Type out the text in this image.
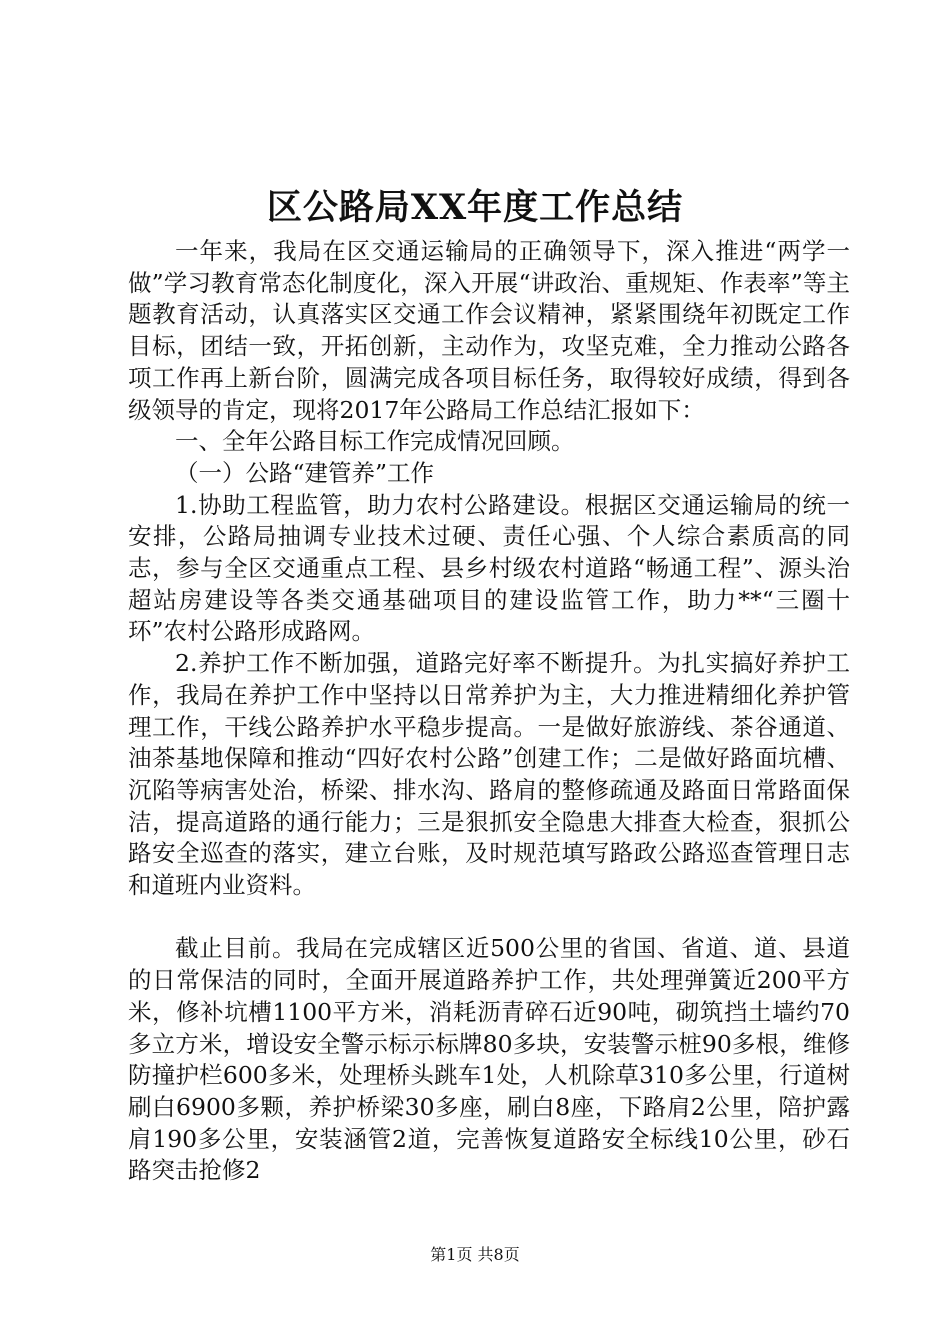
区公路局XX年度工作总结

一年来，我局在区交通运输局的正确领导下，深入推进“两学一做”学习教育常态化制度化，深入开展“讲政治、重规矩、作表率”等主题教育活动，认真落实区交通工作会议精神，紧紧围绕年初既定工作目标，团结一致，开拓创新，主动作为，攻坚克难，全力推动公路各项工作再上新台阶，圆满完成各项目标任务，取得较好成绩，得到各级领导的肯定，现将2017年公路局工作总结汇报如下：

一、全年公路目标工作完成情况回顾。

（一）公路“建管养”工作

1.协助工程监管，助力农村公路建设。根据区交通运输局的统一安排，公路局抽调专业技术过硬、责任心强、个人综合素质高的同志，参与全区交通重点工程、县乡村级农村道路“畅通工程”、源头治超站房建设等各类交通基础项目的建设监管工作，助力**“三圈十环”农村公路形成路网。

2.养护工作不断加强，道路完好率不断提升。为扎实搞好养护工作，我局在养护工作中坚持以日常养护为主，大力推进精细化养护管理工作，干线公路养护水平稳步提高。一是做好旅游线、茶谷通道、油茶基地保障和推动“四好农村公路”创建工作；二是做好路面坑槽、沉陷等病害处治，桥梁、排水沟、路肩的整修疏通及路面日常路面保洁，提高道路的通行能力；三是狠抓安全隐患大排查大检查，狠抓公路安全巡查的落实，建立台账，及时规范填写路政公路巡查管理日志和道班内业资料。

截止目前。我局在完成辖区近500公里的省国、省道、道、县道的日常保洁的同时，全面开展道路养护工作，共处理弹簧近200平方米，修补坑槽1100平方米，消耗沥青碎石近90吨，砌筑挡土墙约70多立方米，增设安全警示标示标牌80多块，安装警示桩90多根，维修防撞护栏600多米，处理桥头跳车1处，人机除草310多公里，行道树刷白6900多颗，养护桥梁30多座，刷白8座，下路肩2公里，陪护露肩190多公里，安装涵管2道，完善恢复道路安全标线10公里，砂石路突击抢修2

第1页 共8页
